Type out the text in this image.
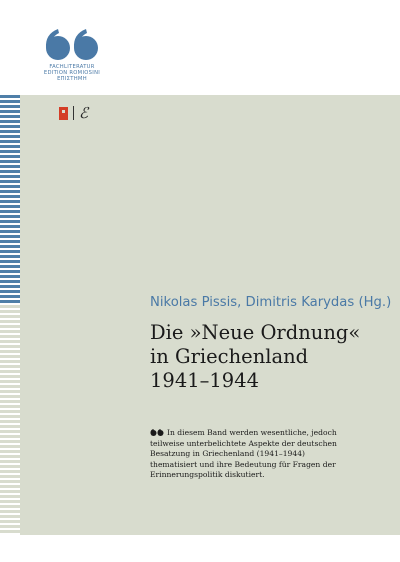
FACHLITERATUR
EDITION ROMIOSINI
ΕΠΙΣΤΗΜΗ
ℰ
Nikolas Pissis, Dimitris Karydas (Hg.)
Die »Neue Ordnung«
in Griechenland
1941–1944
In diesem Band werden wesentliche, jedoch teilweise unterbelichtete Aspekte der deutschen Besatzung in Griechenland (1941–1944) thematisiert und ihre Bedeutung für Fragen der Erinnerungspolitik diskutiert.
